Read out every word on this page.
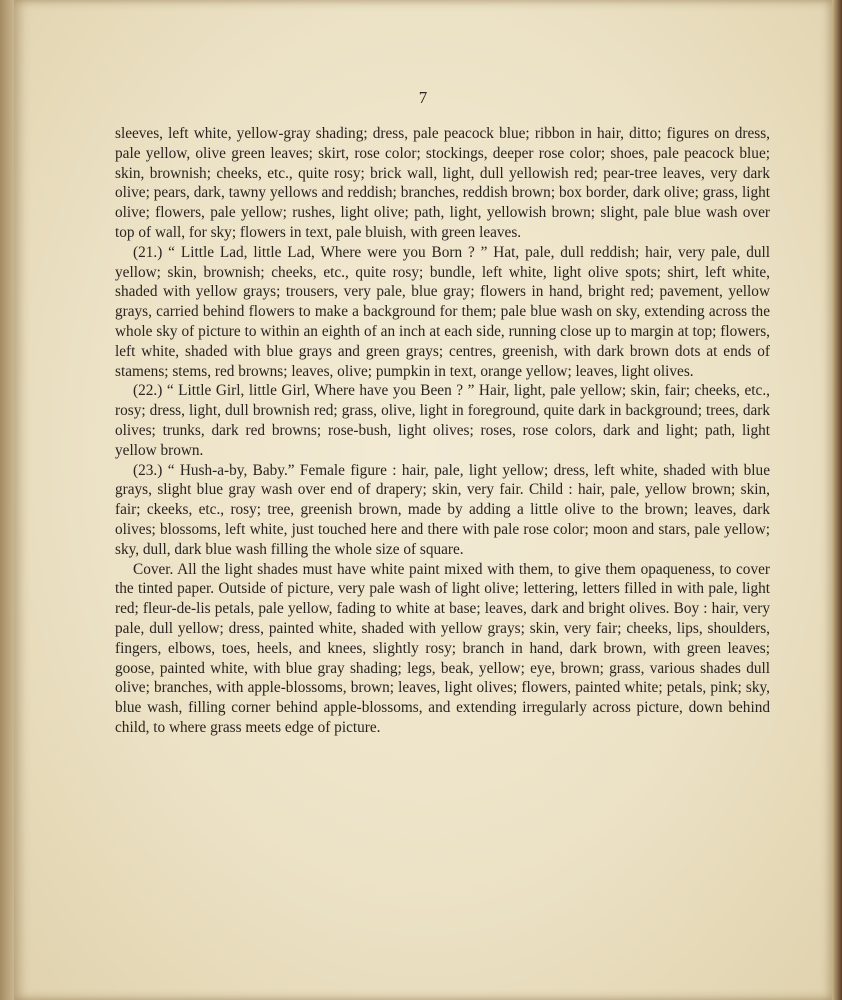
7

sleeves, left white, yellow-gray shading; dress, pale peacock blue; ribbon in hair, ditto; figures on dress, pale yellow, olive green leaves; skirt, rose color; stockings, deeper rose color; shoes, pale peacock blue; skin, brownish; cheeks, etc., quite rosy; brick wall, light, dull yellowish red; pear-tree leaves, very dark olive; pears, dark, tawny yellows and reddish; branches, reddish brown; box border, dark olive; grass, light olive; flowers, pale yellow; rushes, light olive; path, light, yellowish brown; slight, pale blue wash over top of wall, for sky; flowers in text, pale bluish, with green leaves.

(21.) “ Little Lad, little Lad, Where were you Born ? ” Hat, pale, dull reddish; hair, very pale, dull yellow; skin, brownish; cheeks, etc., quite rosy; bundle, left white, light olive spots; shirt, left white, shaded with yellow grays; trousers, very pale, blue gray; flowers in hand, bright red; pavement, yellow grays, carried behind flowers to make a background for them; pale blue wash on sky, extending across the whole sky of picture to within an eighth of an inch at each side, running close up to margin at top; flowers, left white, shaded with blue grays and green grays; centres, greenish, with dark brown dots at ends of stamens; stems, red browns; leaves, olive; pumpkin in text, orange yellow; leaves, light olives.

(22.) “ Little Girl, little Girl, Where have you Been ? ” Hair, light, pale yellow; skin, fair; cheeks, etc., rosy; dress, light, dull brownish red; grass, olive, light in foreground, quite dark in background; trees, dark olives; trunks, dark red browns; rose-bush, light olives; roses, rose colors, dark and light; path, light yellow brown.

(23.) “ Hush-a-by, Baby.” Female figure : hair, pale, light yellow; dress, left white, shaded with blue grays, slight blue gray wash over end of drapery; skin, very fair. Child : hair, pale, yellow brown; skin, fair; ckeeks, etc., rosy; tree, greenish brown, made by adding a little olive to the brown; leaves, dark olives; blossoms, left white, just touched here and there with pale rose color; moon and stars, pale yellow; sky, dull, dark blue wash filling the whole size of square.

Cover. All the light shades must have white paint mixed with them, to give them opaqueness, to cover the tinted paper. Outside of picture, very pale wash of light olive; lettering, letters filled in with pale, light red; fleur-de-lis petals, pale yellow, fading to white at base; leaves, dark and bright olives. Boy : hair, very pale, dull yellow; dress, painted white, shaded with yellow grays; skin, very fair; cheeks, lips, shoulders, fingers, elbows, toes, heels, and knees, slightly rosy; branch in hand, dark brown, with green leaves; goose, painted white, with blue gray shading; legs, beak, yellow; eye, brown; grass, various shades dull olive; branches, with apple-blossoms, brown; leaves, light olives; flowers, painted white; petals, pink; sky, blue wash, filling corner behind apple-blossoms, and extending irregularly across picture, down behind child, to where grass meets edge of picture.
